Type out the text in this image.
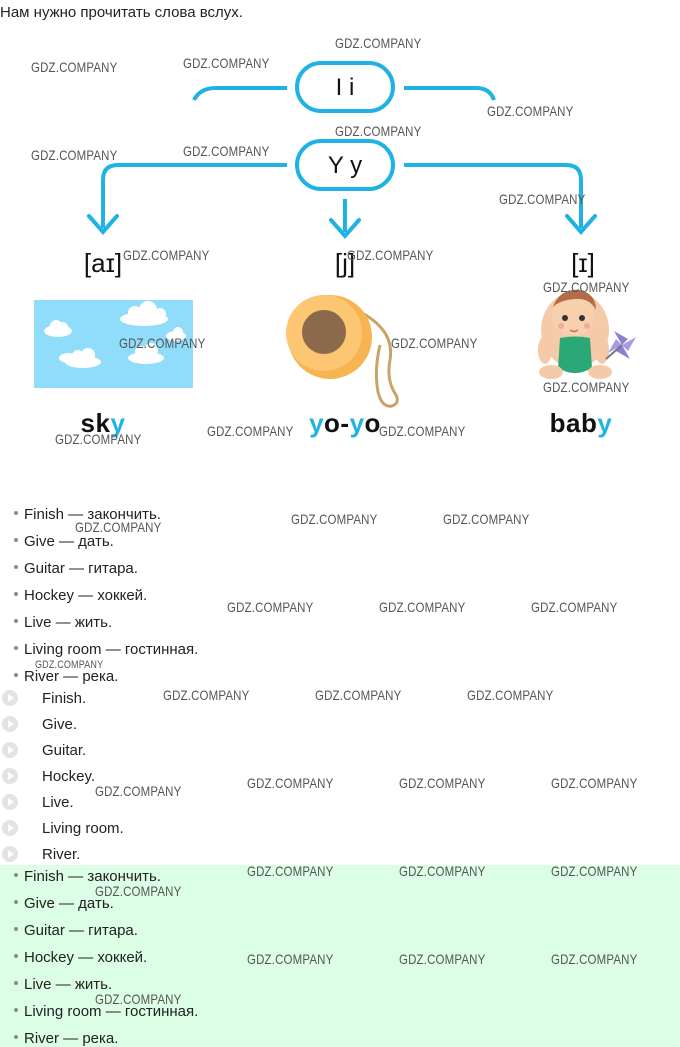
Нам нужно прочитать слова вслух.
I i
Y y
[aɪ]	[j]	[ɪ]
sky	yo-yo	baby
Finish — закончить.
Give — дать.
Guitar — гитара.
Hockey — хоккей.
Live — жить.
Living room — гостинная.
River — река.
Finish.
Give.
Guitar.
Hockey.
Live.
Living room.
River.
Finish — закончить.
Give — дать.
Guitar — гитара.
Hockey — хоккей.
Live — жить.
Living room — гостинная.
River — река.
GDZ.COMPANY
GDZ.COMPANY	GDZ.COMPANY
GDZ.COMPANY
GDZ.COMPANY
GDZ.COMPANY	GDZ.COMPANY
GDZ.COMPANY
GDZ.COMPANY	GDZ.COMPANY
GDZ.COMPANY
GDZ.COMPANY	GDZ.COMPANY
GDZ.COMPANY
GDZ.COMPANY	GDZ.COMPANY
GDZ.COMPANY
GDZ.COMPANY	GDZ.COMPANY
GDZ.COMPANY
GDZ.COMPANY	GDZ.COMPANY	GDZ.COMPANY
GDZ.COMPANY
GDZ.COMPANY	GDZ.COMPANY	GDZ.COMPANY
GDZ.COMPANY	GDZ.COMPANY	GDZ.COMPANY
GDZ.COMPANY
GDZ.COMPANY	GDZ.COMPANY	GDZ.COMPANY
GDZ.COMPANY
GDZ.COMPANY	GDZ.COMPANY	GDZ.COMPANY
GDZ.COMPANY
